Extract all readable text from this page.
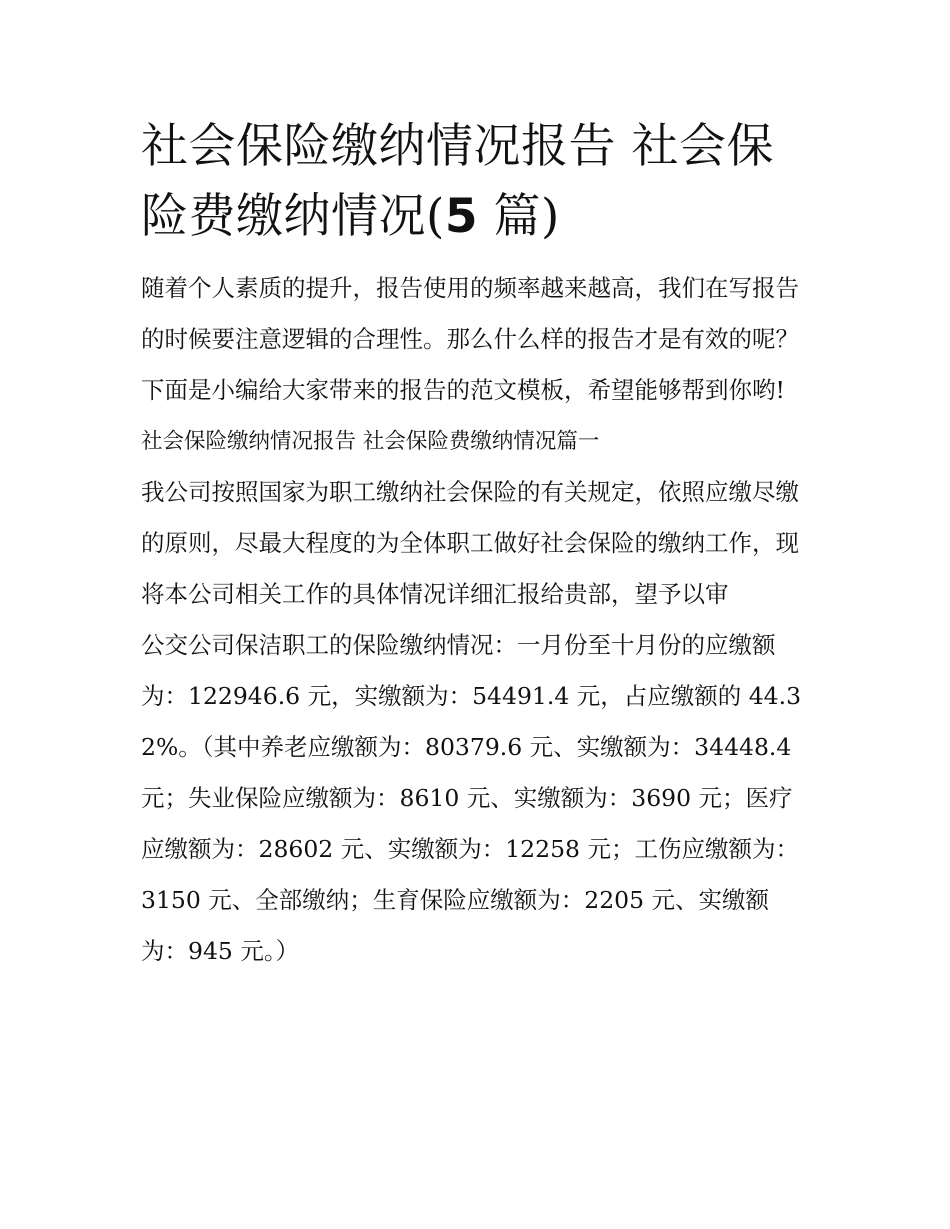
社会保险缴纳情况报告 社会保险费缴纳情况(5 篇)

随着个人素质的提升，报告使用的频率越来越高，我们在写报告的时候要注意逻辑的合理性。那么什么样的报告才是有效的呢？下面是小编给大家带来的报告的范文模板，希望能够帮到你哟!

社会保险缴纳情况报告 社会保险费缴纳情况篇一

我公司按照国家为职工缴纳社会保险的有关规定，依照应缴尽缴的原则，尽最大程度的为全体职工做好社会保险的缴纳工作，现将本公司相关工作的具体情况详细汇报给贵部，望予以审

公交公司保洁职工的保险缴纳情况：一月份至十月份的应缴额为：122946.6 元，实缴额为：54491.4 元，占应缴额的 44.32%。（其中养老应缴额为：80379.6 元、实缴额为：34448.4 元；失业保险应缴额为：8610 元、实缴额为：3690 元；医疗应缴额为：28602 元、实缴额为：12258 元；工伤应缴额为：3150 元、全部缴纳；生育保险应缴额为：2205 元、实缴额为：945 元。）
